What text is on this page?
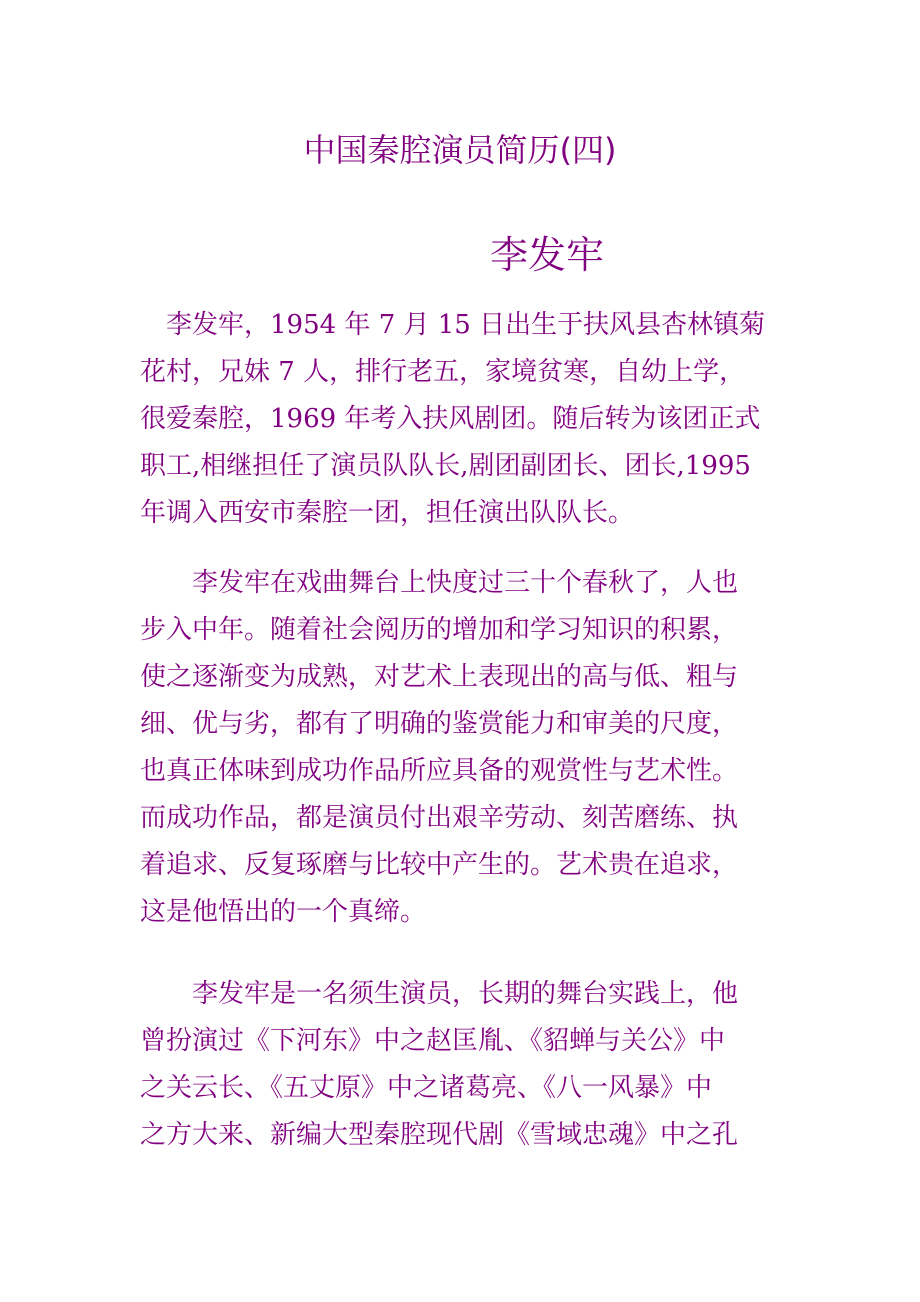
中国秦腔演员简历(四)
李发牢
李发牢，1954 年 7 月 15 日出生于扶风县杏林镇菊
花村，兄妹 7 人，排行老五，家境贫寒，自幼上学，
很爱秦腔，1969 年考入扶风剧团。随后转为该团正式
职工,相继担任了演员队队长,剧团副团长、团长,1995
年调入西安市秦腔一团，担任演出队队长。
李发牢在戏曲舞台上快度过三十个春秋了，人也
步入中年。随着社会阅历的增加和学习知识的积累，
使之逐渐变为成熟，对艺术上表现出的高与低、粗与
细、优与劣，都有了明确的鉴赏能力和审美的尺度，
也真正体味到成功作品所应具备的观赏性与艺术性。
而成功作品，都是演员付出艰辛劳动、刻苦磨练、执
着追求、反复琢磨与比较中产生的。艺术贵在追求，
这是他悟出的一个真缔。
李发牢是一名须生演员，长期的舞台实践上，他
曾扮演过《下河东》中之赵匡胤、《貂蝉与关公》中
之关云长、《五丈原》中之诸葛亮、《八一风暴》中
之方大来、新编大型秦腔现代剧《雪域忠魂》中之孔
